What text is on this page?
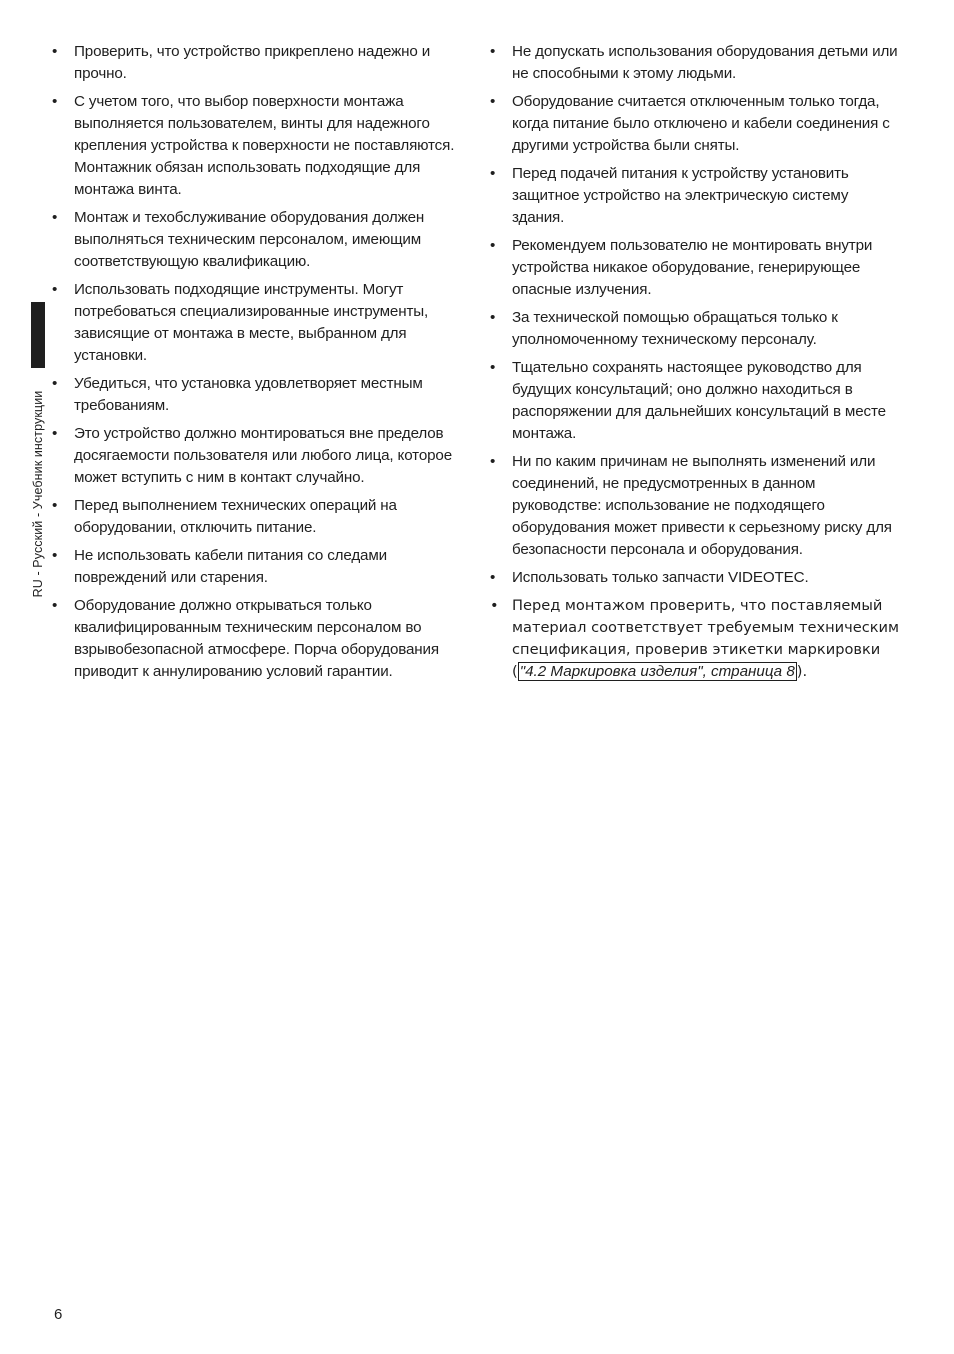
RU - Русский - Учебник инструкции
•	Проверить, что устройство прикреплено надежно и прочно.
•	С учетом того, что выбор поверхности монтажа выполняется пользователем, винты для надежного крепления устройства к поверхности не поставляются. Монтажник обязан использовать подходящие для монтажа винта.
•	Монтаж и техобслуживание оборудования должен выполняться техническим персоналом, имеющим соответствующую квалификацию.
•	Использовать подходящие инструменты. Могут потребоваться специализированные инструменты, зависящие от монтажа в месте, выбранном для установки.
•	Убедиться, что установка удовлетворяет местным требованиям.
•	Это устройство должно монтироваться вне пределов досягаемости пользователя или любого лица, которое может вступить с ним в контакт случайно.
•	Перед выполнением технических операций на оборудовании, отключить питание.
•	Не использовать кабели питания со следами повреждений или старения.
•	Оборудование должно открываться только квалифицированным техническим персоналом во взрывобезопасной атмосфере. Порча оборудования приводит к аннулированию условий гарантии.
•	Не допускать использования оборудования детьми или не способными к этому людьми.
•	Оборудование считается отключенным только тогда, когда питание было отключено и кабели соединения с другими устройства были сняты.
•	Перед подачей питания к устройству установить защитное устройство на электрическую систему здания.
•	Рекомендуем пользователю не монтировать внутри устройства никакое оборудование, генерирующее опасные излучения.
•	За технической помощью обращаться только к уполномоченному техническому персоналу.
•	Тщательно сохранять настоящее руководство для будущих консультаций; оно должно находиться в распоряжении для дальнейших консультаций в месте монтажа.
•	Ни по каким причинам не выполнять изменений или соединений, не предусмотренных в данном руководстве: использование не подходящего оборудования может привести к серьезному риску для безопасности персонала и оборудования.
•	Использовать только запчасти VIDEOTEC.
• Перед монтажом проверить, что поставляемый материал соответствует требуемым техническим спецификация, проверив этикетки маркировки ( "4.2 Маркировка изделия", страница 8 ).
6
